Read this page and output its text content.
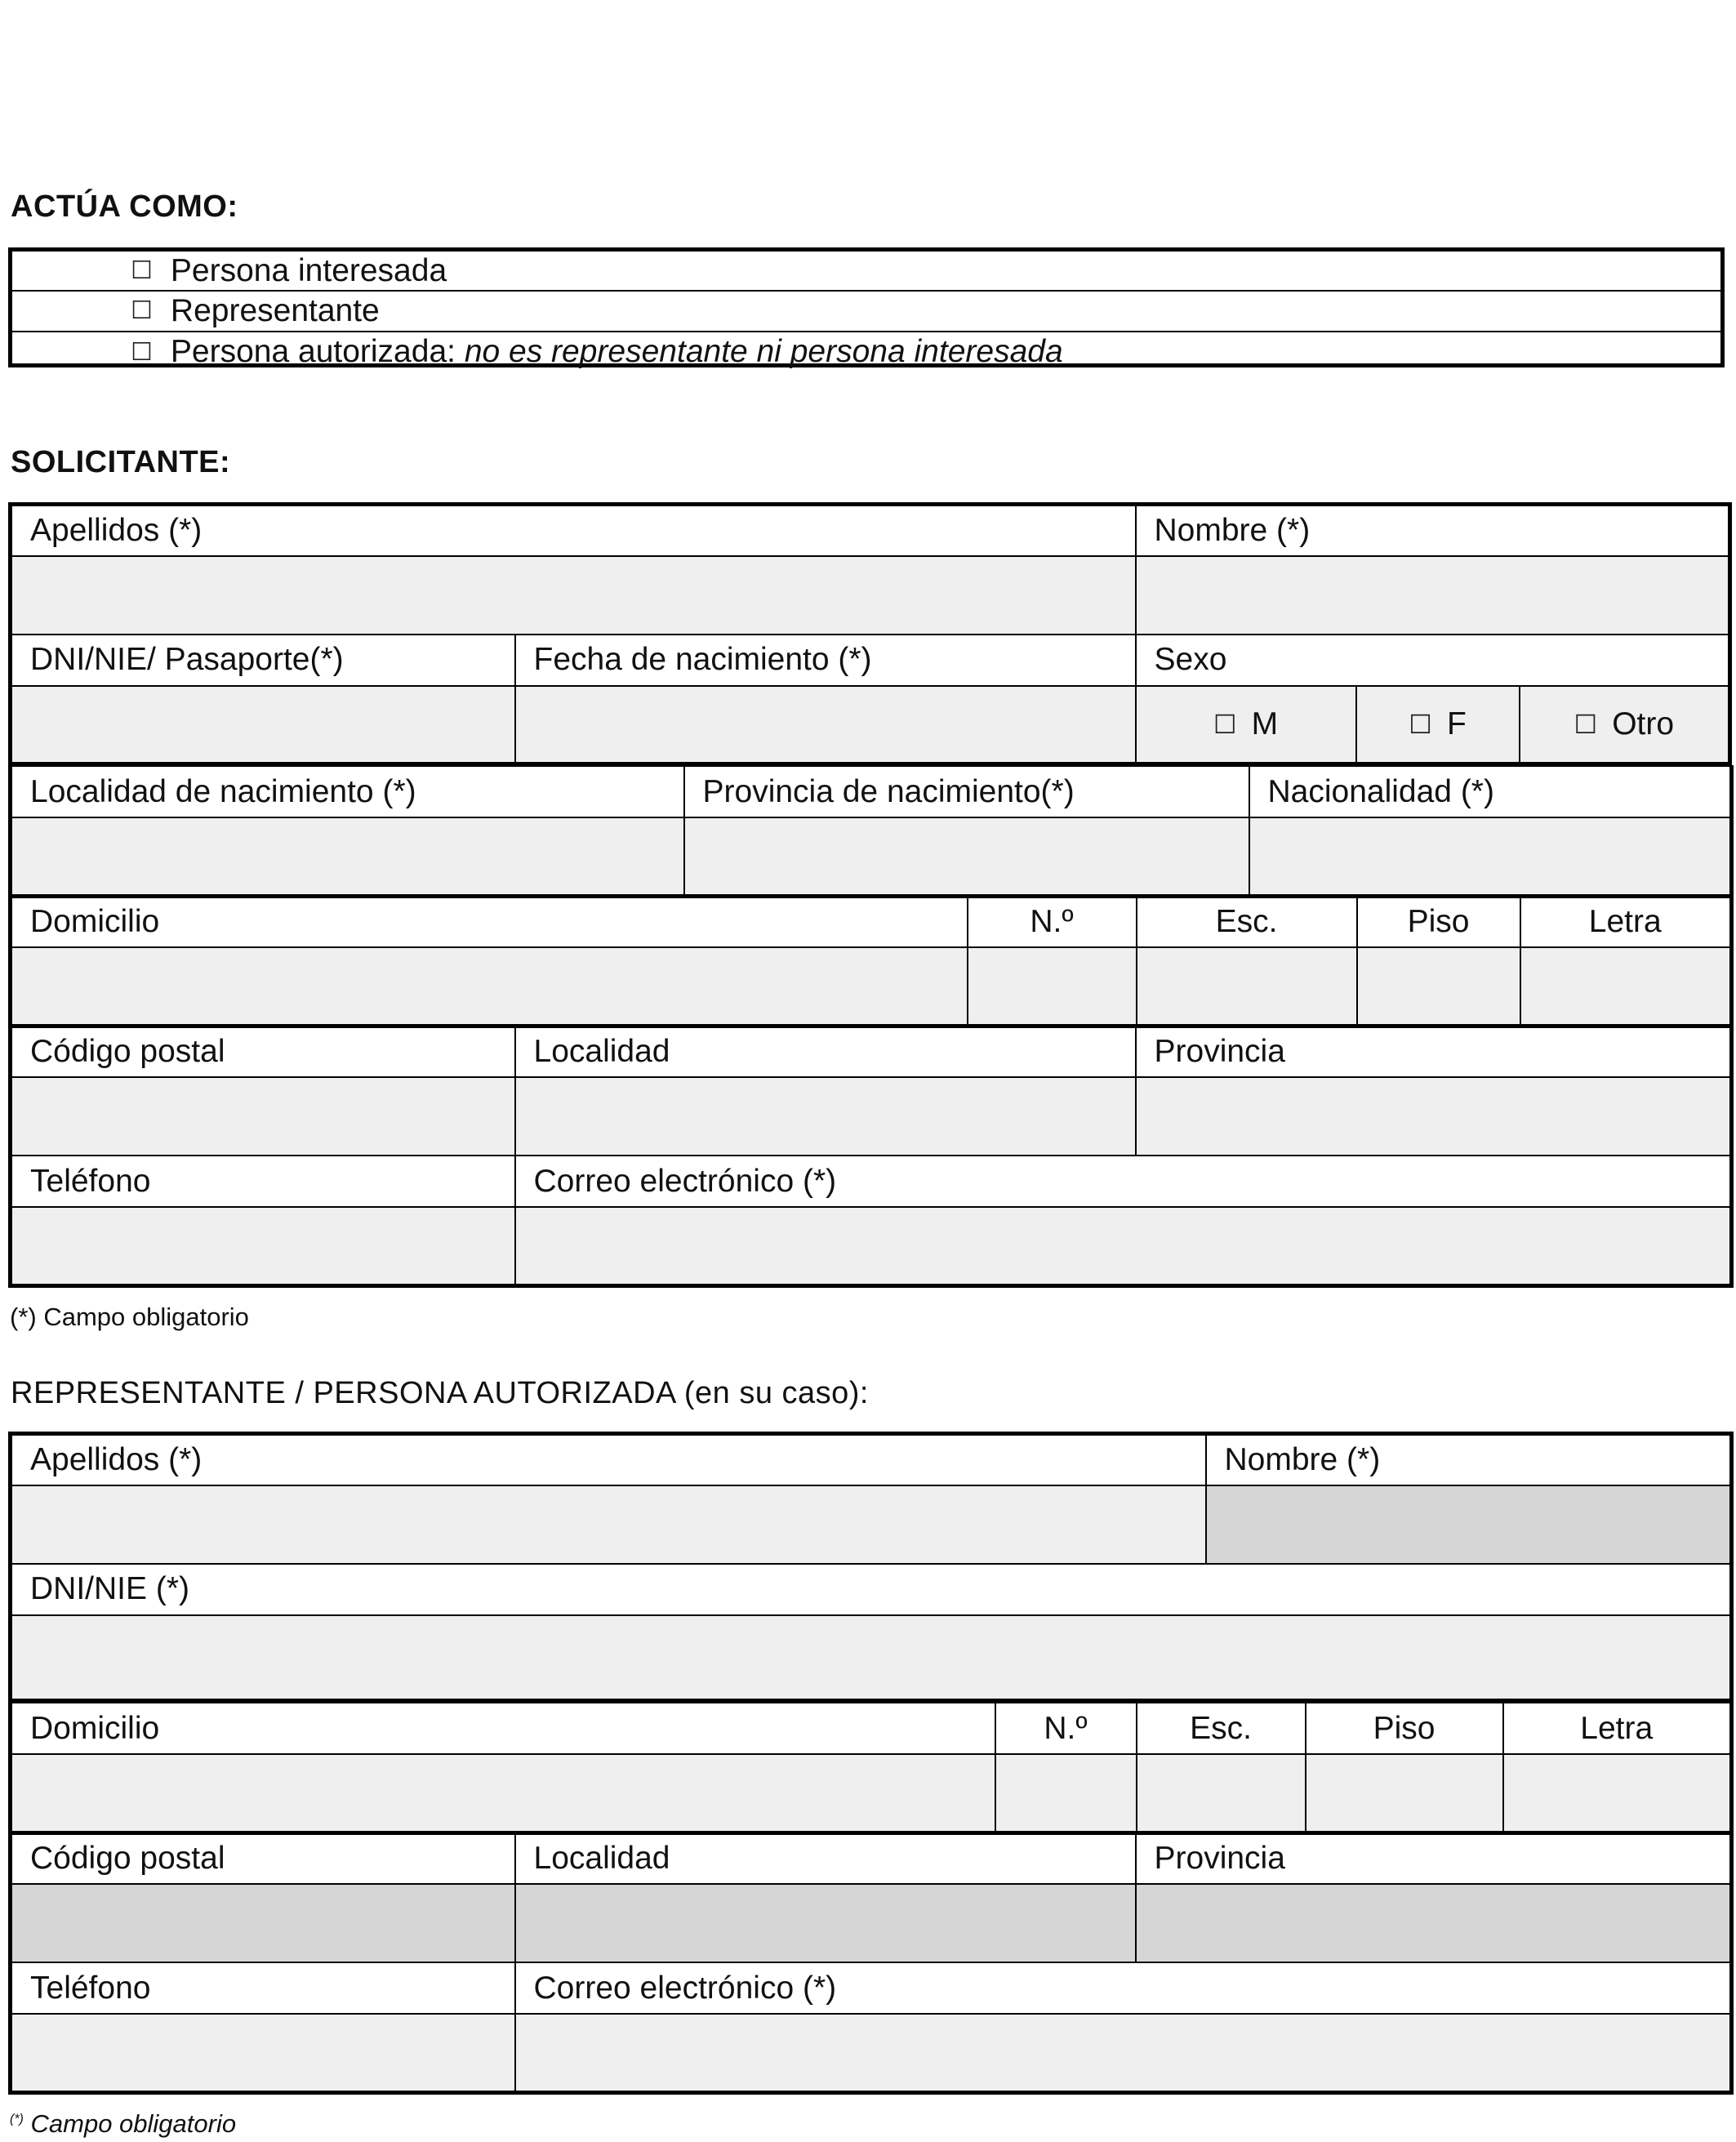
ACTÚA COMO:
☐ Persona interesada
☐ Representante
☐ Persona autorizada: no es representante ni persona interesada
SOLICITANTE:
Apellidos (*)		Nombre (*)		

DNI/NIE/ Pasaporte(*)	Fecha de nacimiento (*)	Sexo		

		☐ M	☐ F	☐ Otro
Localidad de nacimiento (*)	Provincia de nacimiento(*)	Nacionalidad (*)

Domicilio	N.º	Esc.	Piso	Letra

Código postal	Localidad	Provincia

Teléfono	Correo electrónico (*)	

(*) Campo obligatorio
REPRESENTANTE / PERSONA AUTORIZADA (en su caso):
Apellidos (*)	Nombre (*)

DNI/NIE (*)	

Domicilio	N.º	Esc.	Piso	Letra

Código postal	Localidad	Provincia

Teléfono	Correo electrónico (*)	

(*) Campo obligatorio
